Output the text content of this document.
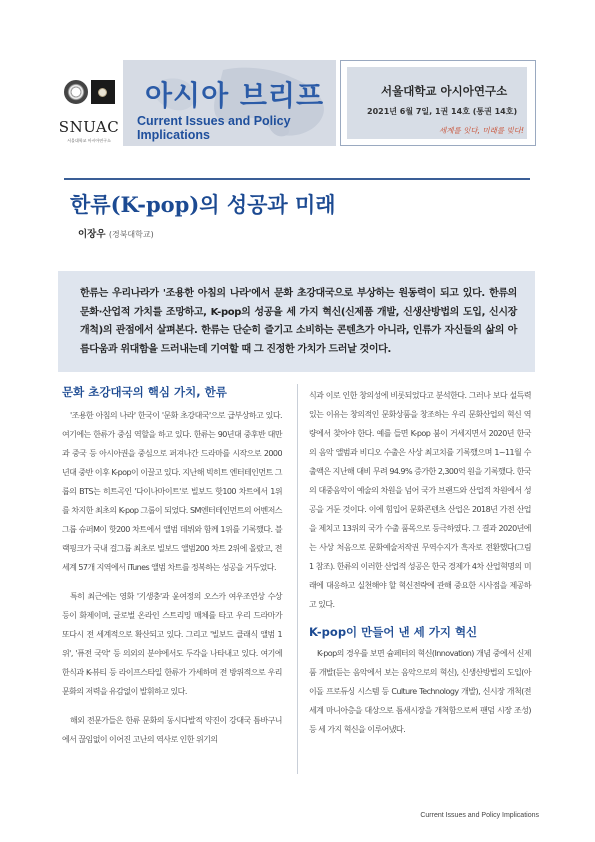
SNUAC
서울대학교 아시아연구소
아시아 브리프
Current Issues and Policy Implications
서울대학교 아시아연구소
2021년 6월 7일, 1권 14호 (통권 14호)
세계를 잇다, 미래를 빚다!
한류(K-pop)의 성공과 미래
이장우 (경북대학교)

한류는 우리나라가 '조용한 아침의 나라'에서 문화 초강대국으로 부상하는 원동력이 되고 있다. 한류의 문화·산업적 가치를 조망하고, K-pop의 성공을 세 가지 혁신(신제품 개발, 신생산방법의 도입, 신시장 개척)의 관점에서 살펴본다. 한류는 단순히 즐기고 소비하는 콘텐츠가 아니라, 인류가 자신들의 삶의 아름다움과 위대함을 드러내는데 기여할 때 그 진정한 가치가 드러날 것이다.

문화 초강대국의 핵심 가치, 한류

'조용한 아침의 나라' 한국이 '문화 초강대국'으로 급부상하고 있다. 여기에는 한류가 중심 역할을 하고 있다. 한류는 90년대 중후반 대만과 중국 등 아시아권을 중심으로 퍼져나간 드라마를 시작으로 2000년대 중반 이후 K-pop이 이끌고 있다. 지난해 빅히트 엔터테인먼트 그룹의 BTS는 히트곡인 '다이나마이트'로 빌보드 핫100 차트에서 1위를 차지한 최초의 K-pop 그룹이 되었다. SM엔터테인먼트의 어벤저스 그룹 슈퍼M이 핫200 차트에서 앨범 데뷔와 함께 1위를 기록했다. 블랙핑크가 국내 걸그룹 최초로 빌보드 앨범200 차트 2위에 올랐고, 전 세계 57개 지역에서 iTunes 앨범 차트를 정복하는 성공을 거두었다.

특히 최근에는 영화 '기생충'과 윤여정의 오스카 여우조연상 수상 등이 화제이며, 글로벌 온라인 스트리밍 매체를 타고 우리 드라마가 또다시 전 세계적으로 확산되고 있다. 그리고 '빌보드 클래식 앨범 1위', '퓨전 국악' 등 의외의 분야에서도 두각을 나타내고 있다. 여기에 한식과 K-뷰티 등 라이프스타일 한류가 가세하며 전 방위적으로 우리 문화의 저력을 유감없이 발휘하고 있다.

해외 전문가들은 한류 문화의 동시다발적 약진이 강대국 틈바구니에서 끊임없이 이어진 고난의 역사로 인한 위기의

식과 이로 인한 창의성에 비롯되었다고 분석한다. 그러나 보다 설득력 있는 이유는 창의적인 문화상품을 창조하는 우리 문화산업의 혁신 역량에서 찾아야 한다. 예를 들면 K-pop 붐이 거세지면서 2020년 한국의 음악 앨범과 비디오 수출은 사상 최고치를 기록했으며 1~11월 수출액은 지난해 대비 무려 94.9% 증가한 2,300억 원을 기록했다. 한국의 대중음악이 예술의 차원을 넘어 국가 브랜드와 산업적 차원에서 성공을 거둔 것이다. 이에 힘입어 문화콘텐츠 산업은 2018년 가전 산업을 제치고 13위의 국가 수출 품목으로 등극하였다. 그 결과 2020년에는 사상 처음으로 문화예술저작권 무역수지가 흑자로 전환했다(그림 1 참조). 한류의 이러한 산업적 성공은 한국 경제가 4차 산업혁명의 미래에 대응하고 실천해야 할 혁신전략에 관해 중요한 시사점을 제공하고 있다.

K-pop이 만들어 낸 세 가지 혁신

K-pop의 경우를 보면 슘페터의 혁신(Innovation) 개념 중에서 신제품 개발(듣는 음악에서 보는 음악으로의 혁신), 신생산방법의 도입(아이돌 프로듀싱 시스템 등 Culture Technology 개발), 신시장 개척(전 세계 마니아층을 대상으로 틈새시장을 개척함으로써 팬덤 시장 조성) 등 세 가지 혁신을 이루어냈다.

Current Issues and Policy Implications
